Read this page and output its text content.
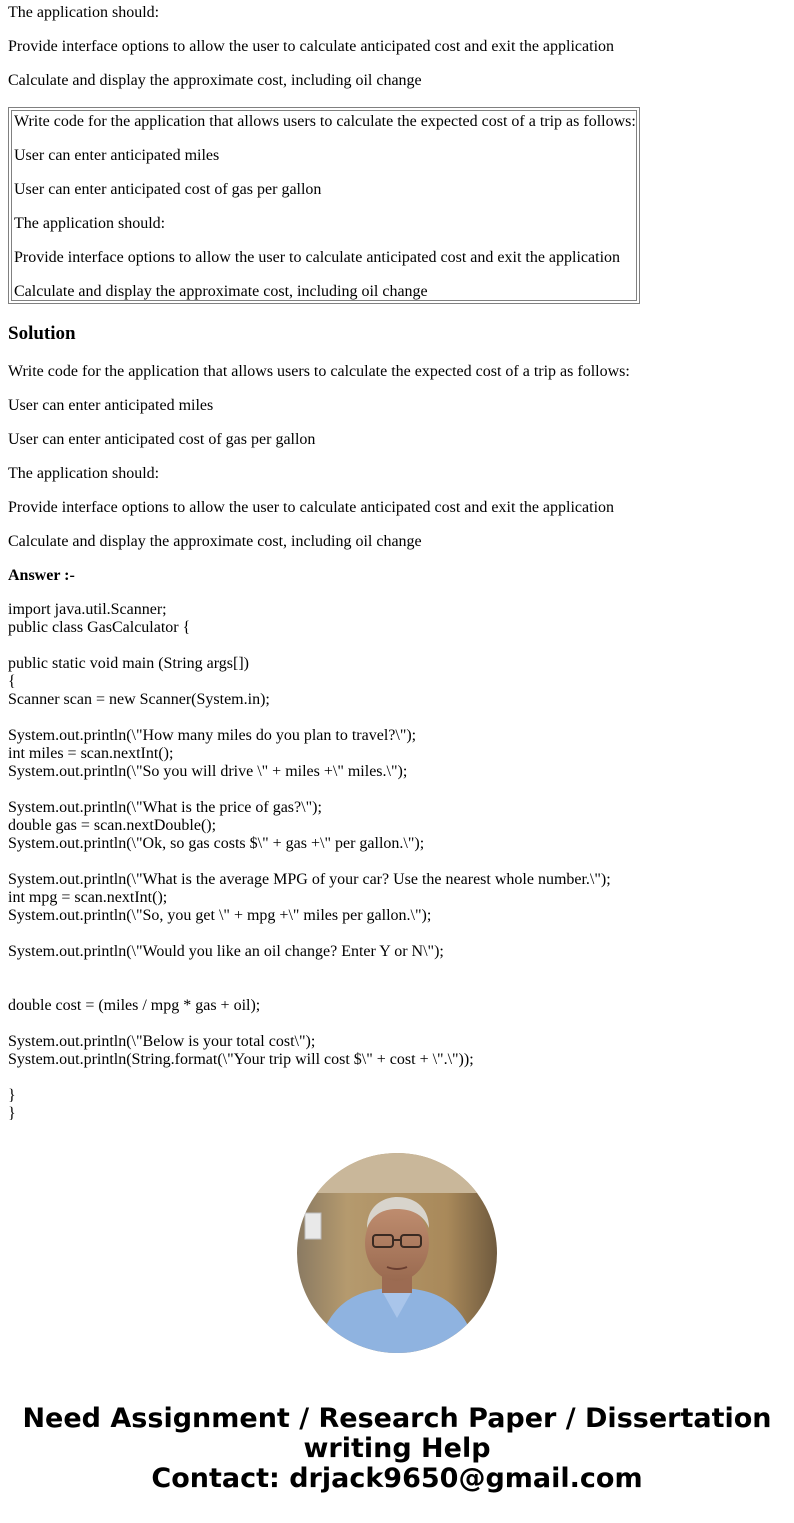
The application should:

Provide interface options to allow the user to calculate anticipated cost and exit the application

Calculate and display the approximate cost, including oil change

Write code for the application that allows users to calculate the expected cost of a trip as follows:

User can enter anticipated miles

User can enter anticipated cost of gas per gallon

The application should:

Provide interface options to allow the user to calculate anticipated cost and exit the application

Calculate and display the approximate cost, including oil change

Solution

Write code for the application that allows users to calculate the expected cost of a trip as follows:

User can enter anticipated miles

User can enter anticipated cost of gas per gallon

The application should:

Provide interface options to allow the user to calculate anticipated cost and exit the application

Calculate and display the approximate cost, including oil change

Answer :-

import java.util.Scanner;
public class GasCalculator {

public static void main (String args[])
{
Scanner scan = new Scanner(System.in);

System.out.println(\"How many miles do you plan to travel?\");
int miles = scan.nextInt();
System.out.println(\"So you will drive \" + miles +\" miles.\");

System.out.println(\"What is the price of gas?\");
double gas = scan.nextDouble();
System.out.println(\"Ok, so gas costs $\" + gas +\" per gallon.\");

System.out.println(\"What is the average MPG of your car? Use the nearest whole number.\");
int mpg = scan.nextInt();
System.out.println(\"So, you get \" + mpg +\" miles per gallon.\");

System.out.println(\"Would you like an oil change? Enter Y or N\");

double cost = (miles / mpg * gas + oil);

System.out.println(\"Below is your total cost\");
System.out.println(String.format(\"Your trip will cost $\" + cost + \".\"));

}
}
Need Assignment / Research Paper / Dissertation
writing Help
Contact: drjack9650@gmail.com
